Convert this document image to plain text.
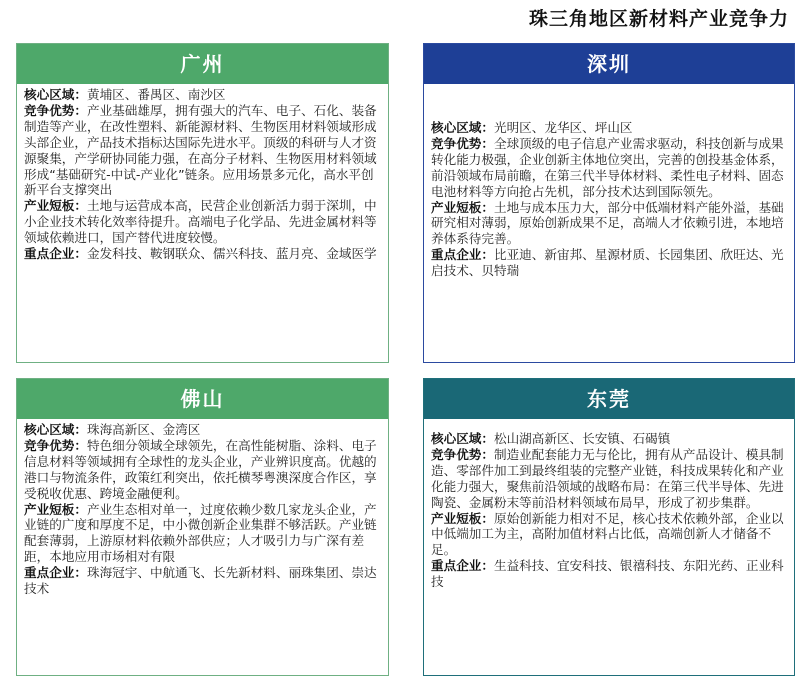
珠三角地区新材料产业竞争力
广州

核心区域：黄埔区、番禺区、南沙区

竞争优势：产业基础雄厚，拥有强大的汽车、电子、石化、装备制造等产业，在改性塑料、新能源材料、生物医用材料领域形成头部企业，产品技术指标达国际先进水平。顶级的科研与人才资源聚集，产学研协同能力强，在高分子材料、生物医用材料领域形成“基础研究-中试-产业化”链条。应用场景多元化，高水平创新平台支撑突出

产业短板：土地与运营成本高，民营企业创新活力弱于深圳，中小企业技术转化效率待提升。高端电子化学品、先进金属材料等领域依赖进口，国产替代进度较慢。

重点企业：金发科技、鞍钢联众、儒兴科技、蓝月亮、金域医学

深圳

核心区域：光明区、龙华区、坪山区

竞争优势：全球顶级的电子信息产业需求驱动，科技创新与成果转化能力极强，企业创新主体地位突出，完善的创投基金体系，前沿领域布局前瞻，在第三代半导体材料、柔性电子材料、固态电池材料等方向抢占先机，部分技术达到国际领先。

产业短板：土地与成本压力大，部分中低端材料产能外溢，基础研究相对薄弱，原始创新成果不足，高端人才依赖引进，本地培养体系待完善。

重点企业：比亚迪、新宙邦、星源材质、长园集团、欣旺达、光启技术、贝特瑞

佛山

核心区域：珠海高新区、金湾区

竞争优势：特色细分领域全球领先，在高性能树脂、涂料、电子信息材料等领域拥有全球性的龙头企业，产业辨识度高。优越的港口与物流条件，政策红利突出，依托横琴粤澳深度合作区，享受税收优惠、跨境金融便利。

产业短板：产业生态相对单一，过度依赖少数几家龙头企业，产业链的广度和厚度不足，中小微创新企业集群不够活跃。产业链配套薄弱，上游原材料依赖外部供应；人才吸引力与广深有差距，本地应用市场相对有限

重点企业：珠海冠宇、中航通飞、长先新材料、丽珠集团、崇达技术

东莞

核心区域：松山湖高新区、长安镇、石碣镇

竞争优势：制造业配套能力无与伦比，拥有从产品设计、模具制造、零部件加工到最终组装的完整产业链，科技成果转化和产业化能力强大，聚焦前沿领域的战略布局：在第三代半导体、先进陶瓷、金属粉末等前沿材料领域布局早，形成了初步集群。

产业短板：原始创新能力相对不足，核心技术依赖外部，企业以中低端加工为主，高附加值材料占比低，高端创新人才储备不足。

重点企业：生益科技、宜安科技、银禧科技、东阳光药、正业科技
